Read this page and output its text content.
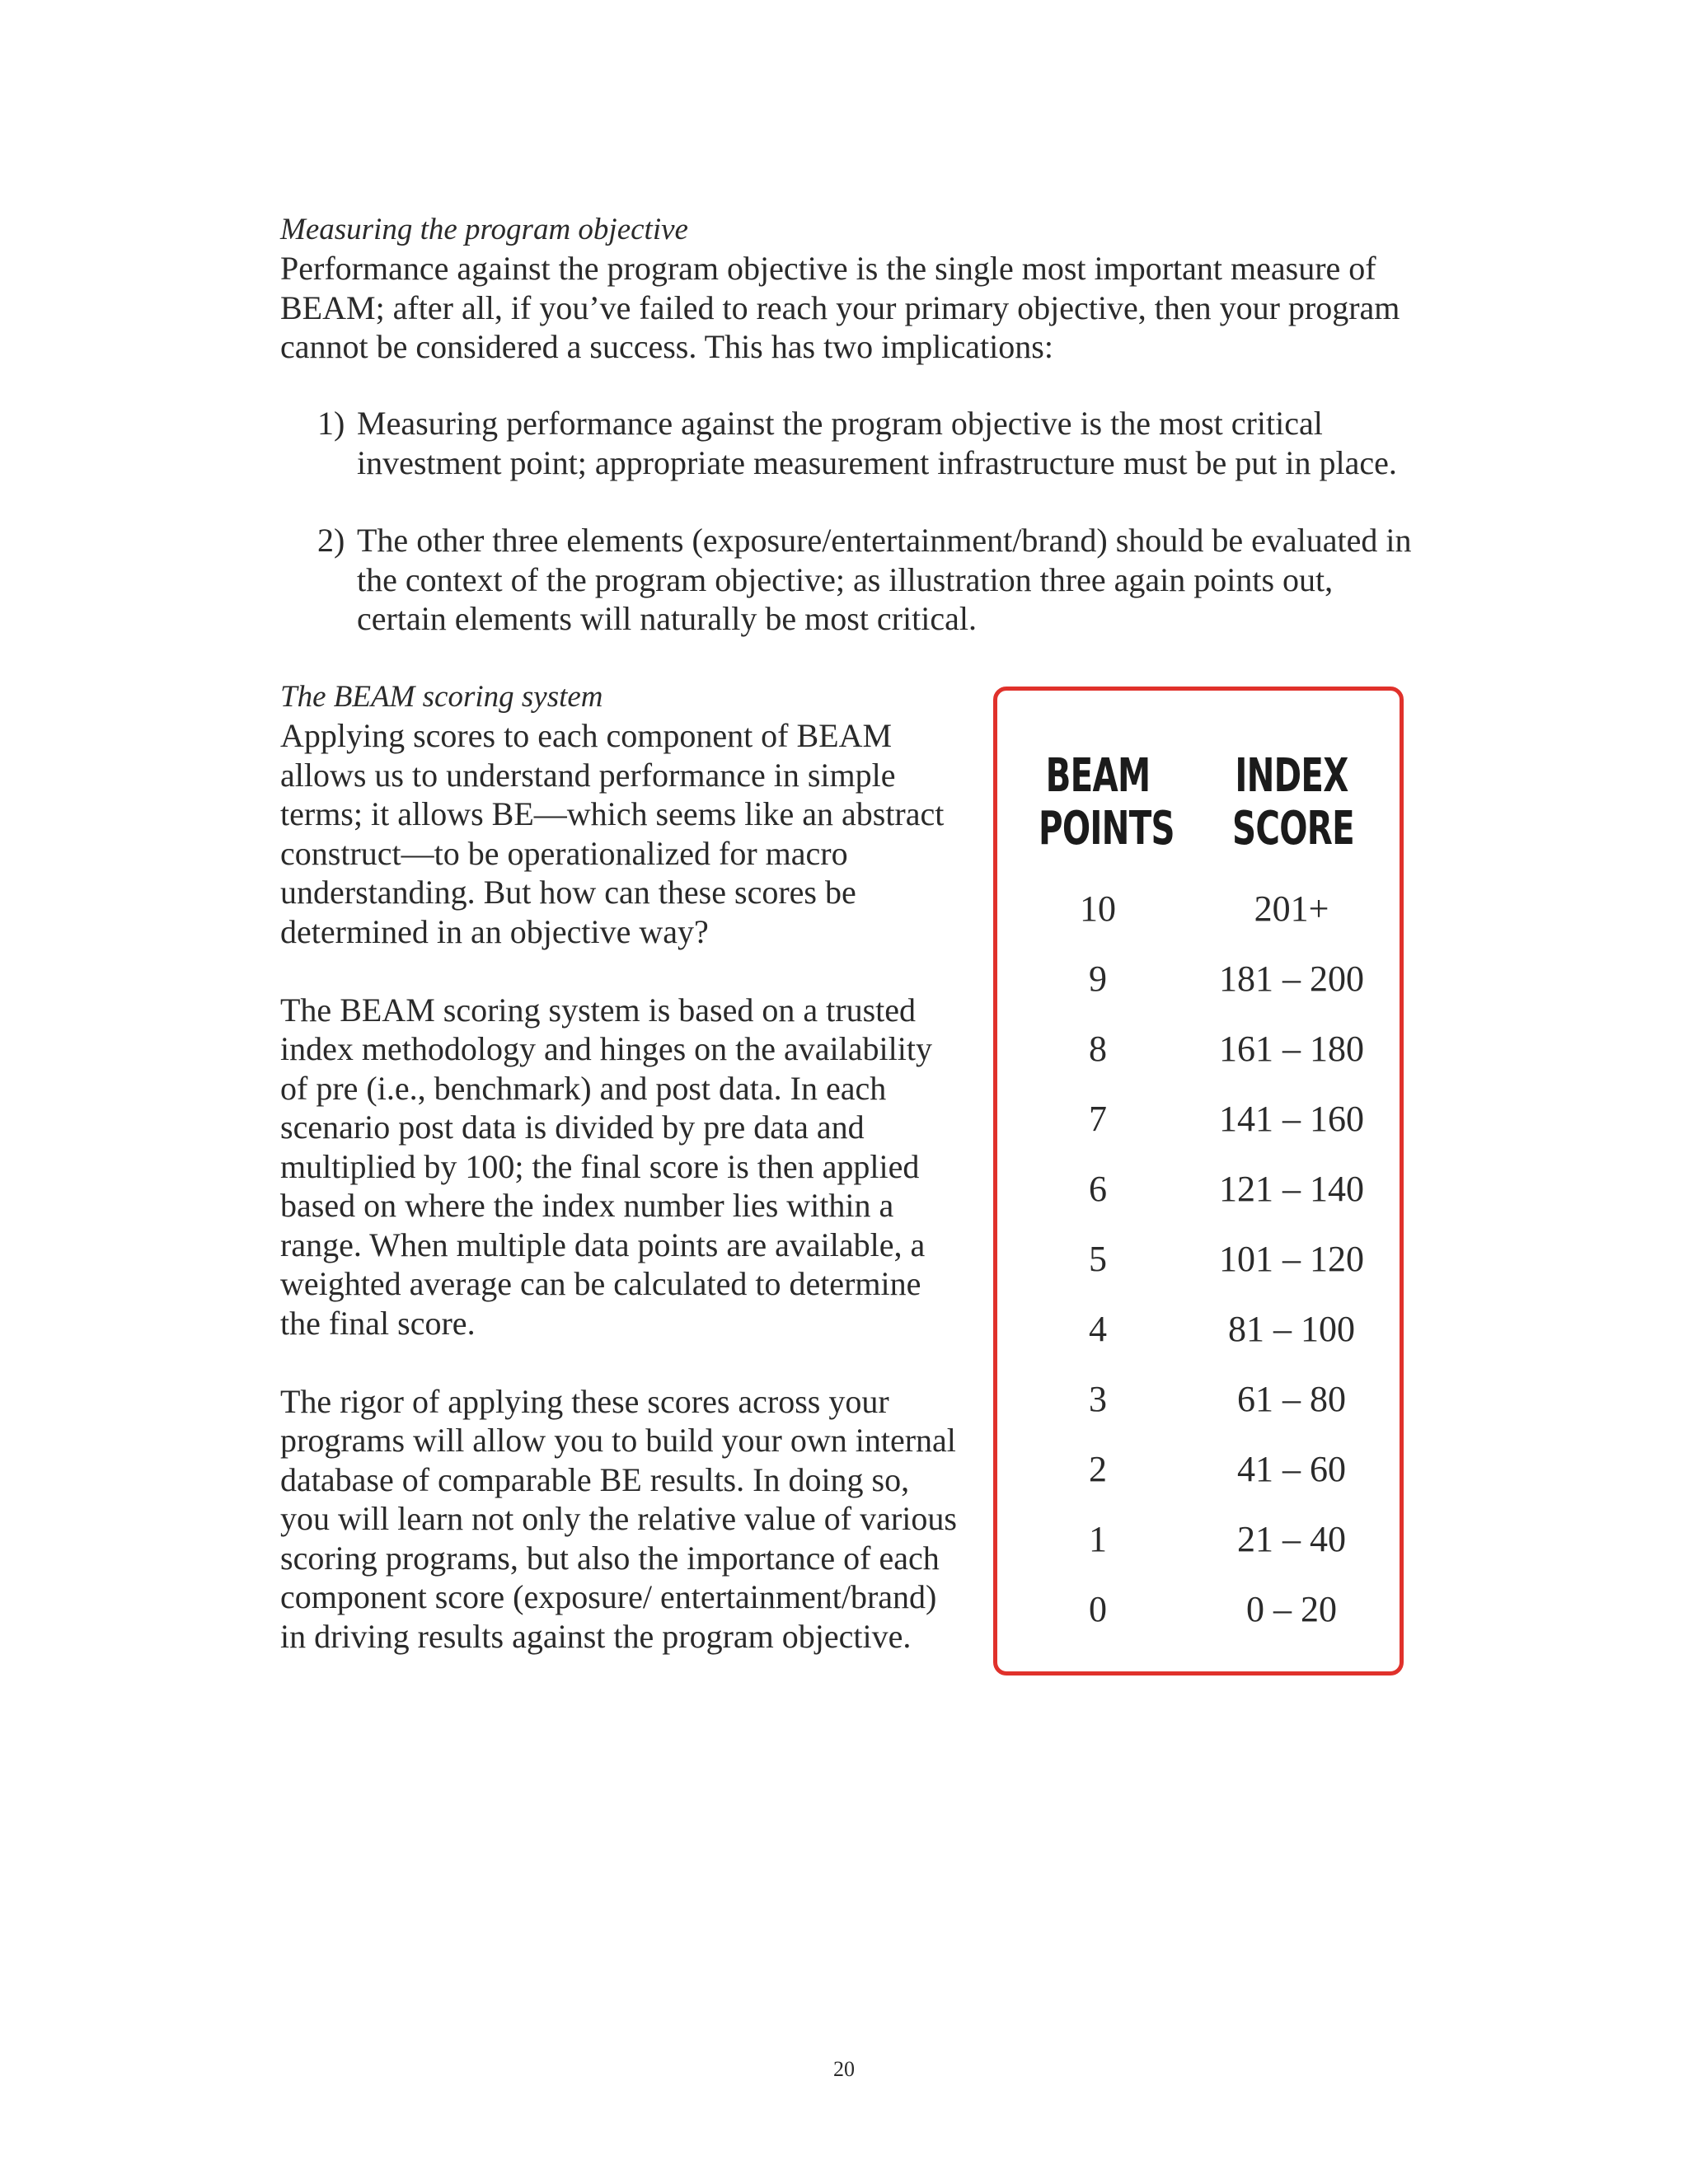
Measuring the program objective

Performance against the program objective is the single most important measure of BEAM; after all, if you’ve failed to reach your primary objective, then your program cannot be considered a success. This has two implications:

1) Measuring performance against the program objective is the most critical investment point; appropriate measurement infrastructure must be put in place.
2) The other three elements (exposure/entertainment/brand) should be evaluated in the context of the program objective; as illustration three again points out, certain elements will naturally be most critical.
The BEAM scoring system

Applying scores to each component of BEAM allows us to understand performance in simple terms; it allows BE—which seems like an abstract construct—to be operationalized for macro understanding. But how can these scores be determined in an objective way?

The BEAM scoring system is based on a trusted index methodology and hinges on the availability of pre (i.e., benchmark) and post data. In each scenario post data is divided by pre data and multiplied by 100; the final score is then applied based on where the index number lies within a range. When multiple data points are available, a weighted average can be calculated to determine the final score.

The rigor of applying these scores across your programs will allow you to build your own internal database of comparable BE results. In doing so, you will learn not only the relative value of various scoring programs, but also the importance of each component score (exposure/ entertainment/brand) in driving results against the program objective.

BEAM POINTS
INDEX SCORE
10	201+
9	181 – 200
8	161 – 180
7	141 – 160
6	121 – 140
5	101 – 120
4	81 – 100
3	61 – 80
2	41 – 60
1	21 – 40
0	0 – 20
20
